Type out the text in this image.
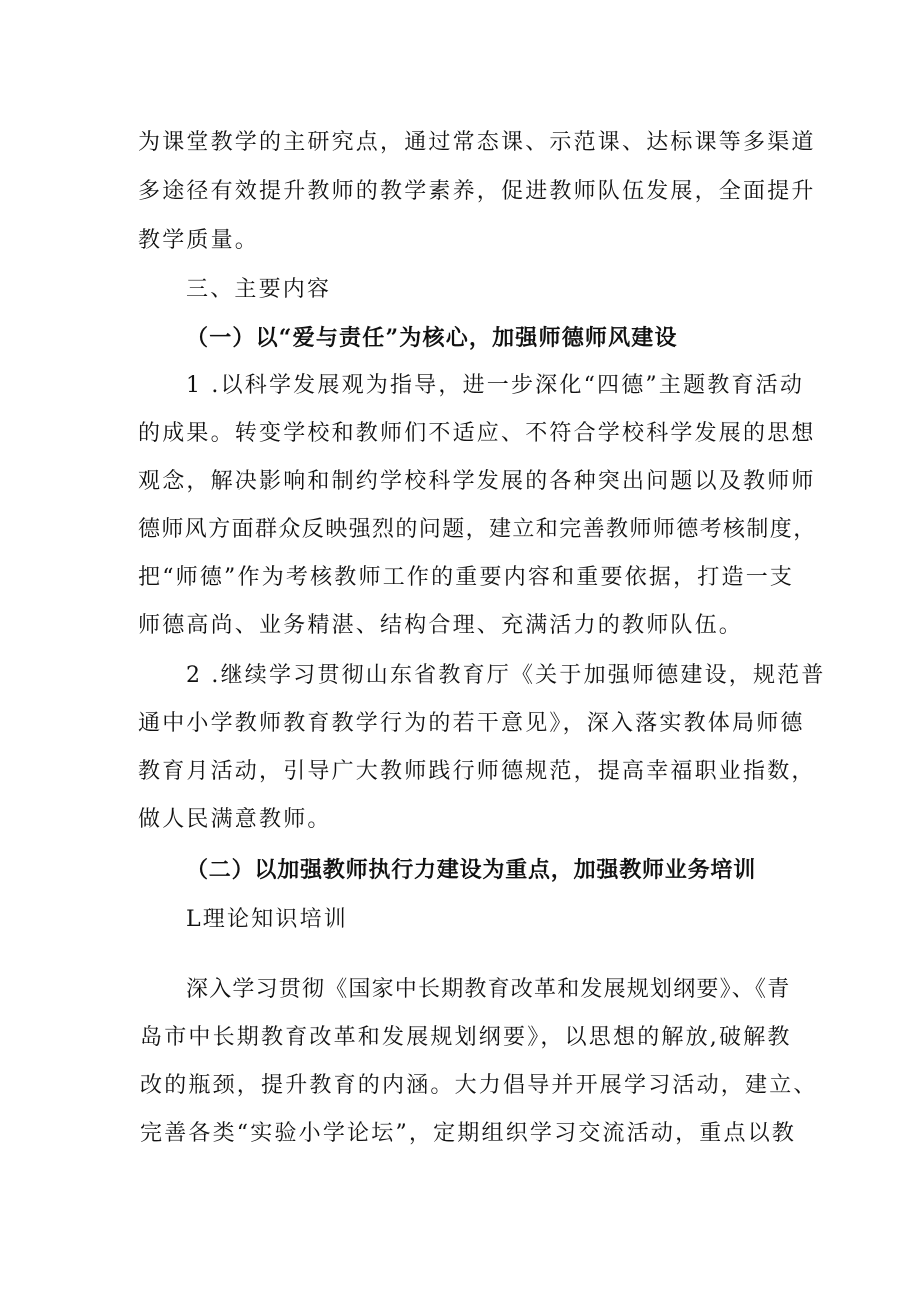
为课堂教学的主研究点，通过常态课、示范课、达标课等多渠道
多途径有效提升教师的教学素养，促进教师队伍发展，全面提升
教学质量。
三、主要内容
（一）以“爱与责任”为核心，加强师德师风建设
1 .以科学发展观为指导，进一步深化“四德”主题教育活动
的成果。转变学校和教师们不适应、不符合学校科学发展的思想
观念，解决影响和制约学校科学发展的各种突出问题以及教师师
德师风方面群众反映强烈的问题，建立和完善教师师德考核制度，
把“师德”作为考核教师工作的重要内容和重要依据，打造一支
师德高尚、业务精湛、结构合理、充满活力的教师队伍。
2 .继续学习贯彻山东省教育厅《关于加强师德建设，规范普
通中小学教师教育教学行为的若干意见》，深入落实教体局师德
教育月活动，引导广大教师践行师德规范，提高幸福职业指数，
做人民满意教师。
（二）以加强教师执行力建设为重点，加强教师业务培训
L理论知识培训
深入学习贯彻《国家中长期教育改革和发展规划纲要》、《青
岛市中长期教育改革和发展规划纲要》，以思想的解放,破解教
改的瓶颈，提升教育的内涵。大力倡导并开展学习活动，建立、
完善各类“实验小学论坛”，定期组织学习交流活动，重点以教
